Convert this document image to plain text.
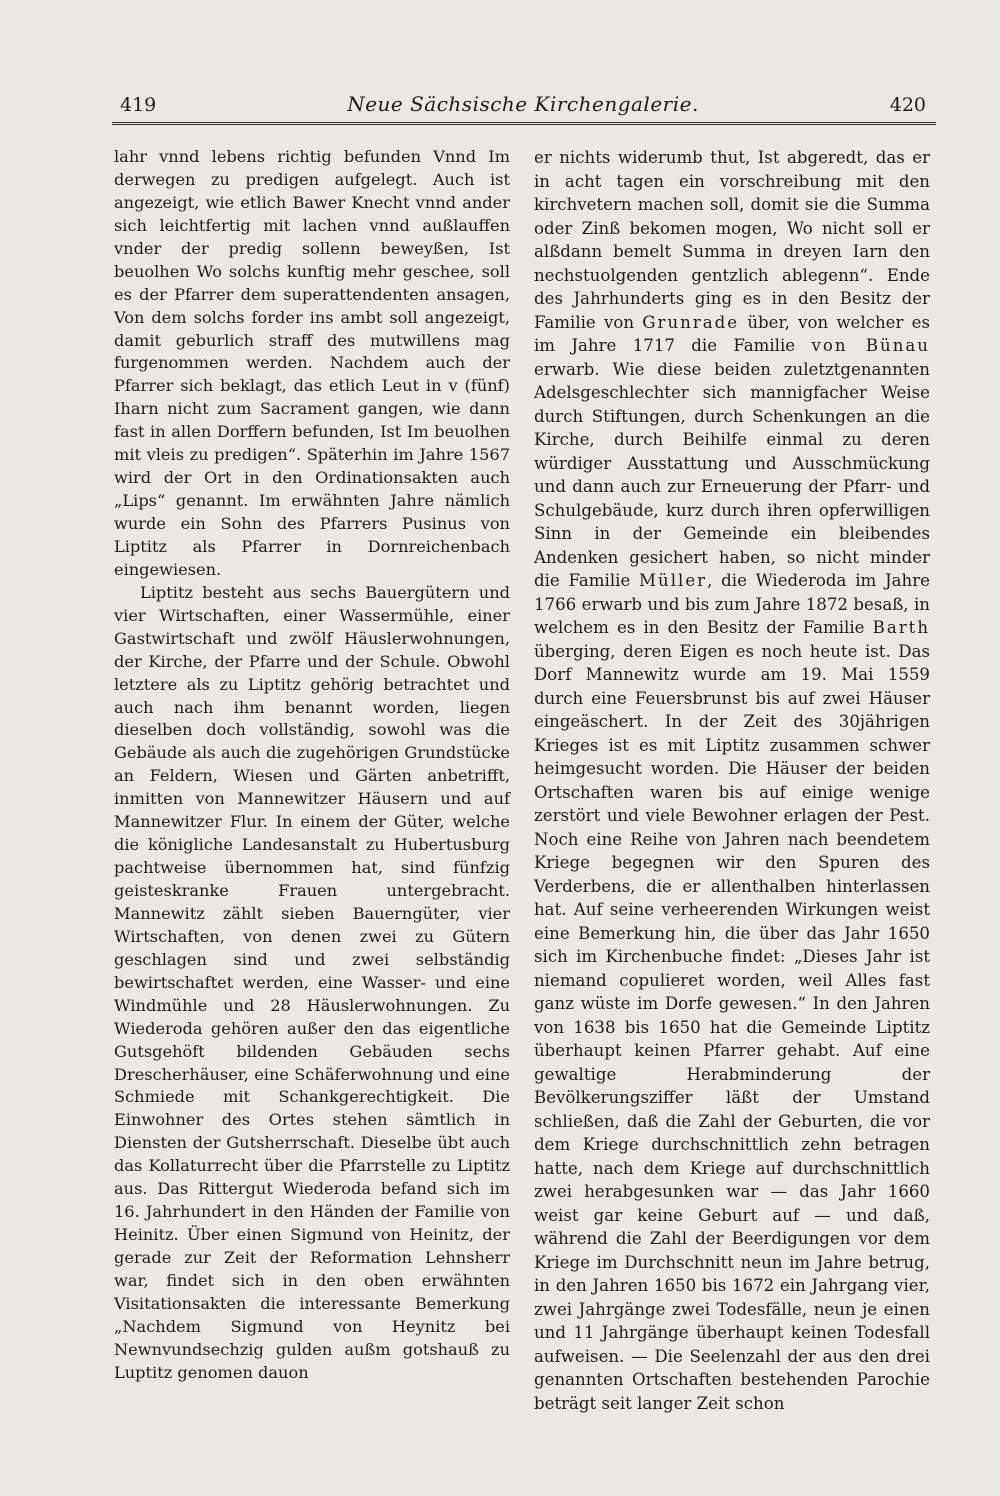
419	Neue Sächsische Kirchengalerie.	420

lahr vnnd lebens richtig befunden Vnnd Im derwegen zu predigen aufgelegt. Auch ist angezeigt, wie etlich Bawer Knecht vnnd ander sich leichtfertig mit lachen vnnd außlauffen vnder der predig sollenn beweyßen, Ist beuolhen Wo solchs kunftig mehr geschee, soll es der Pfarrer dem superattendenten ansagen, Von dem solchs forder ins ambt soll angezeigt, damit geburlich straff des mutwillens mag furgenommen werden. Nachdem auch der Pfarrer sich beklagt, das etlich Leut in v (fünf) Iharn nicht zum Sacrament gangen, wie dann fast in allen Dorffern befunden, Ist Im beuolhen mit vleis zu predigen“. Späterhin im Jahre 1567 wird der Ort in den Ordinationsakten auch „Lips“ genannt. Im erwähnten Jahre nämlich wurde ein Sohn des Pfarrers Pusinus von Liptitz als Pfarrer in Dornreichenbach eingewiesen.

Liptitz besteht aus sechs Bauergütern und vier Wirtschaften, einer Wassermühle, einer Gastwirtschaft und zwölf Häuslerwohnungen, der Kirche, der Pfarre und der Schule. Obwohl letztere als zu Liptitz gehörig betrachtet und auch nach ihm benannt worden, liegen dieselben doch vollständig, sowohl was die Gebäude als auch die zugehörigen Grundstücke an Feldern, Wiesen und Gärten anbetrifft, inmitten von Mannewitzer Häusern und auf Mannewitzer Flur. In einem der Güter, welche die königliche Landesanstalt zu Hubertusburg pachtweise übernommen hat, sind fünfzig geisteskranke Frauen untergebracht. Mannewitz zählt sieben Bauerngüter, vier Wirtschaften, von denen zwei zu Gütern geschlagen sind und zwei selbständig bewirtschaftet werden, eine Wasser- und eine Windmühle und 28 Häuslerwohnungen. Zu Wiederoda gehören außer den das eigentliche Gutsgehöft bildenden Gebäuden sechs Drescherhäuser, eine Schäferwohnung und eine Schmiede mit Schankgerechtigkeit. Die Einwohner des Ortes stehen sämtlich in Diensten der Gutsherrschaft. Dieselbe übt auch das Kollaturrecht über die Pfarrstelle zu Liptitz aus. Das Rittergut Wiederoda befand sich im 16. Jahrhundert in den Händen der Familie von Heinitz. Über einen Sigmund von Heinitz, der gerade zur Zeit der Reformation Lehnsherr war, findet sich in den oben erwähnten Visitationsakten die interessante Bemerkung „Nachdem Sigmund von Heynitz bei Newnvundsechzig gulden außm gotshauß zu Luptitz genomen dauon

er nichts widerumb thut, Ist abgeredt, das er in acht tagen ein vorschreibung mit den kirchvetern machen soll, domit sie die Summa oder Zinß bekomen mogen, Wo nicht soll er alßdann bemelt Summa in dreyen Iarn den nechstuolgenden gentzlich ablegenn“. Ende des Jahrhunderts ging es in den Besitz der Familie von Grunrade über, von welcher es im Jahre 1717 die Familie von Bünau erwarb. Wie diese beiden zuletztgenannten Adelsgeschlechter sich mannigfacher Weise durch Stiftungen, durch Schenkungen an die Kirche, durch Beihilfe einmal zu deren würdiger Ausstattung und Ausschmückung und dann auch zur Erneuerung der Pfarr- und Schulgebäude, kurz durch ihren opferwilligen Sinn in der Gemeinde ein bleibendes Andenken gesichert haben, so nicht minder die Familie Müller, die Wiederoda im Jahre 1766 erwarb und bis zum Jahre 1872 besaß, in welchem es in den Besitz der Familie Barth überging, deren Eigen es noch heute ist. Das Dorf Mannewitz wurde am 19. Mai 1559 durch eine Feuersbrunst bis auf zwei Häuser eingeäschert. In der Zeit des 30jährigen Krieges ist es mit Liptitz zusammen schwer heimgesucht worden. Die Häuser der beiden Ortschaften waren bis auf einige wenige zerstört und viele Bewohner erlagen der Pest. Noch eine Reihe von Jahren nach beendetem Kriege begegnen wir den Spuren des Verderbens, die er allenthalben hinterlassen hat. Auf seine verheerenden Wirkungen weist eine Bemerkung hin, die über das Jahr 1650 sich im Kirchenbuche findet: „Dieses Jahr ist niemand copulieret worden, weil Alles fast ganz wüste im Dorfe gewesen.“ In den Jahren von 1638 bis 1650 hat die Gemeinde Liptitz überhaupt keinen Pfarrer gehabt. Auf eine gewaltige Herabminderung der Bevölkerungsziffer läßt der Umstand schließen, daß die Zahl der Geburten, die vor dem Kriege durchschnittlich zehn betragen hatte, nach dem Kriege auf durchschnittlich zwei herabgesunken war — das Jahr 1660 weist gar keine Geburt auf — und daß, während die Zahl der Beerdigungen vor dem Kriege im Durchschnitt neun im Jahre betrug, in den Jahren 1650 bis 1672 ein Jahrgang vier, zwei Jahrgänge zwei Todesfälle, neun je einen und 11 Jahrgänge überhaupt keinen Todesfall aufweisen. — Die Seelenzahl der aus den drei genannten Ortschaften bestehenden Parochie beträgt seit langer Zeit schon
